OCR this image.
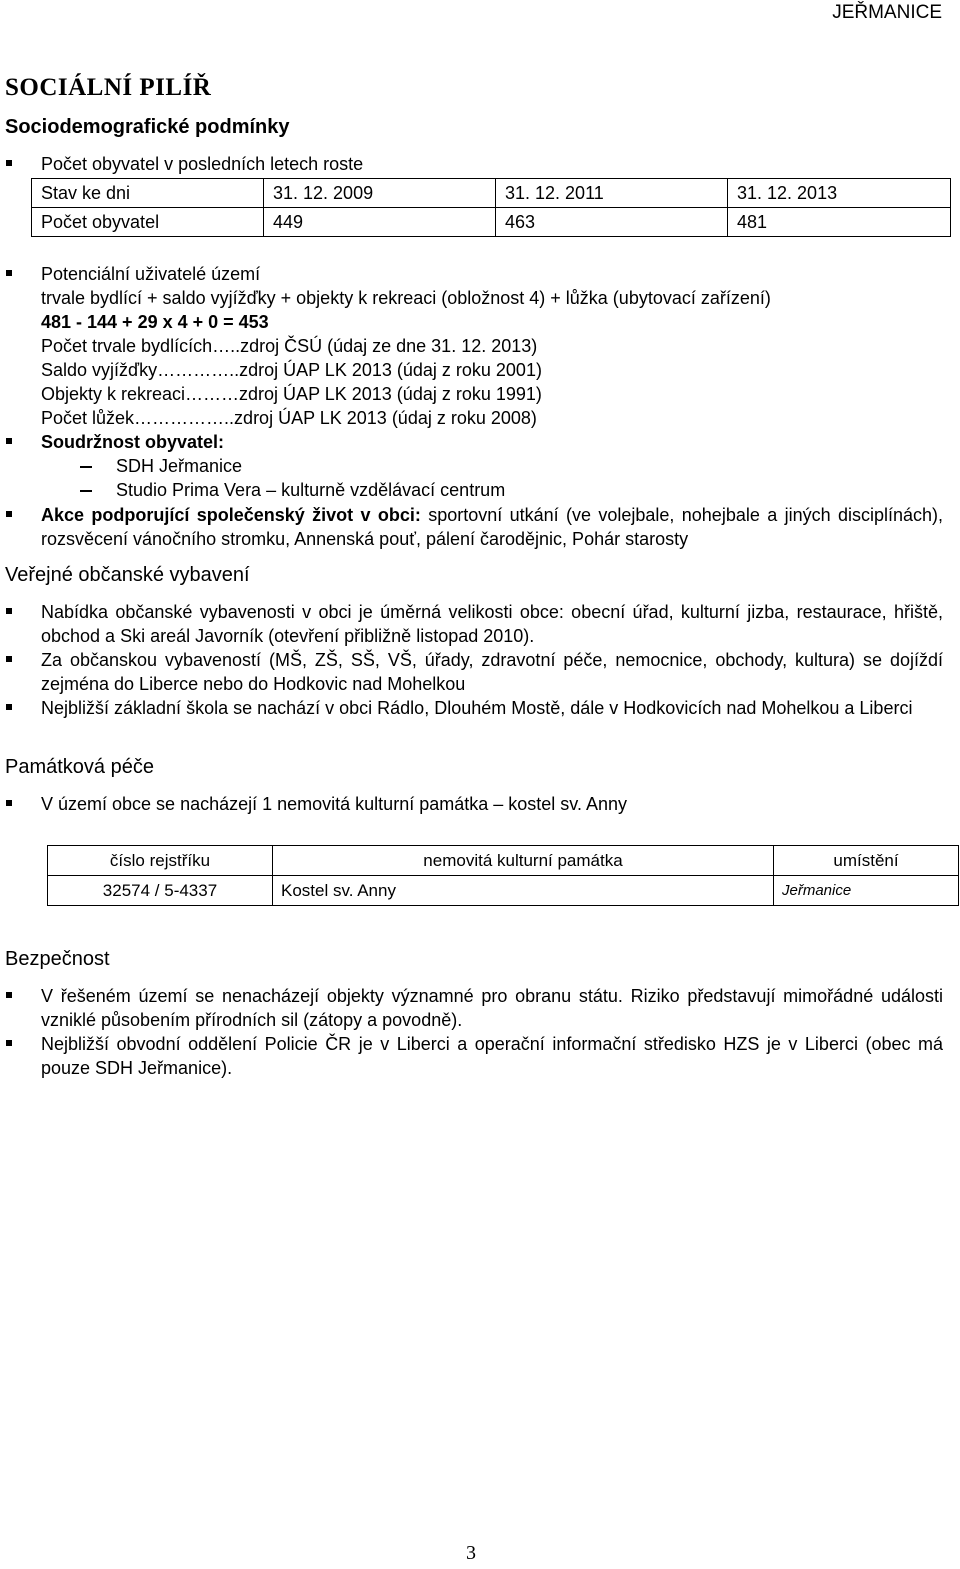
JEŘMANICE
SOCIÁLNÍ PILÍŘ
Sociodemografické podmínky
Počet obyvatel v posledních letech roste
Stav ke dni	31. 12. 2009	31. 12. 2011	31. 12. 2013
Počet obyvatel	449	463	481
Potenciální uživatelé území
trvale bydlící + saldo vyjížďky + objekty k rekreaci (obložnost 4) + lůžka (ubytovací zařízení)
481 - 144 + 29 x 4 + 0 = 453
Počet trvale bydlících…..zdroj ČSÚ (údaj ze dne 31. 12. 2013)
Saldo vyjížďky…………..zdroj ÚAP LK 2013 (údaj z roku 2001)
Objekty k rekreaci………zdroj ÚAP LK 2013 (údaj z roku 1991)
Počet lůžek……………..zdroj ÚAP LK 2013 (údaj z roku 2008)
Soudržnost obyvatel:
SDH Jeřmanice
Studio Prima Vera – kulturně vzdělávací centrum
Akce podporující společenský život v obci: sportovní utkání (ve volejbale, nohejbale a jiných disciplínách), rozsvěcení vánočního stromku, Annenská pouť, pálení čarodějnic, Pohár starosty
Veřejné občanské vybavení
Nabídka občanské vybavenosti v obci je úměrná velikosti obce: obecní úřad, kulturní jizba, restaurace, hřiště, obchod a Ski areál Javorník (otevření přibližně listopad 2010).
Za občanskou vybaveností (MŠ, ZŠ, SŠ, VŠ, úřady, zdravotní péče, nemocnice, obchody, kultura) se dojíždí zejména do Liberce nebo do Hodkovic nad Mohelkou
Nejbližší základní škola se nachází v obci Rádlo, Dlouhém Mostě, dále v Hodkovicích nad Mohelkou a Liberci
Památková péče
V území obce se nacházejí 1 nemovitá kulturní památka – kostel sv. Anny
číslo rejstříku	nemovitá kulturní památka	umístění
32574 / 5-4337	Kostel sv. Anny	Jeřmanice
Bezpečnost
V řešeném území se nenacházejí objekty významné pro obranu státu. Riziko představují mimořádné události vzniklé působením přírodních sil (zátopy a povodně).
Nejbližší obvodní oddělení Policie ČR je v Liberci a operační informační středisko HZS je v Liberci (obec má pouze SDH Jeřmanice).
3
